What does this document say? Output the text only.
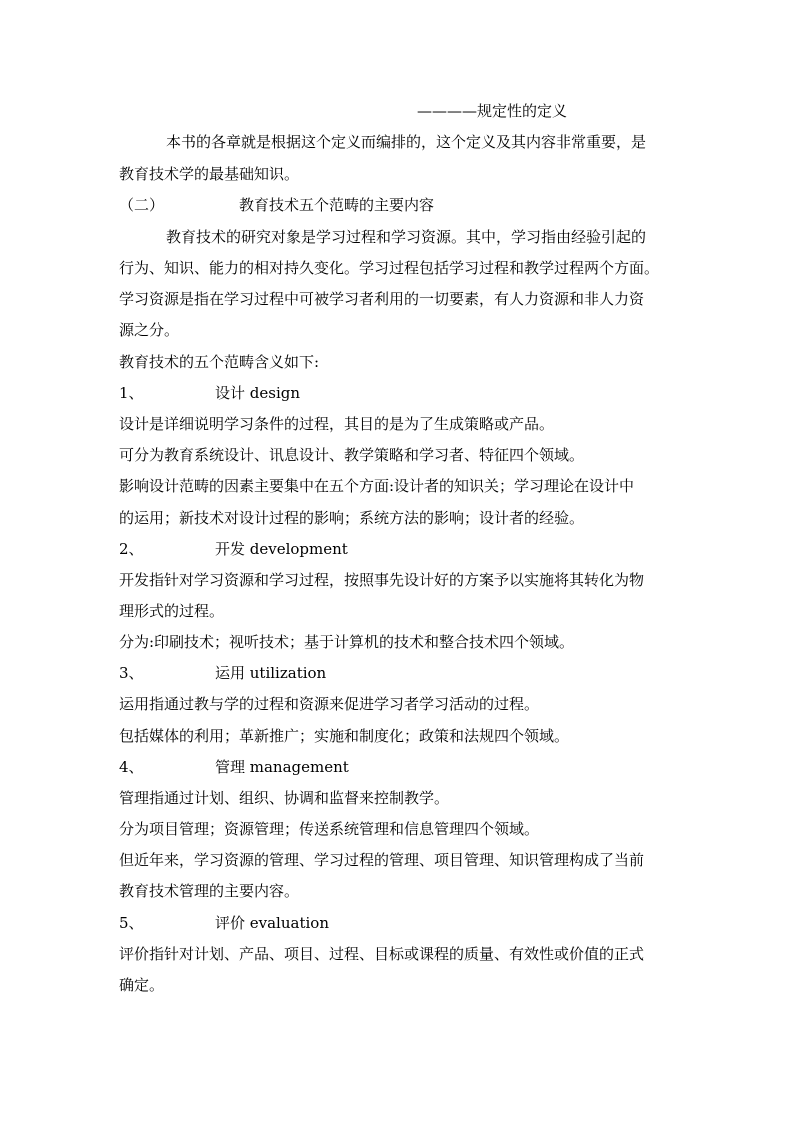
————规定性的定义
本书的各章就是根据这个定义而编排的，这个定义及其内容非常重要，是
教育技术学的最基础知识。
（二）	教育技术五个范畴的主要内容
教育技术的研究对象是学习过程和学习资源。其中，学习指由经验引起的
行为、知识、能力的相对持久变化。学习过程包括学习过程和教学过程两个方面。
学习资源是指在学习过程中可被学习者利用的一切要素，有人力资源和非人力资
源之分。
教育技术的五个范畴含义如下:
1、	设计 design
设计是详细说明学习条件的过程，其目的是为了生成策略或产品。
可分为教育系统设计、讯息设计、教学策略和学习者、特征四个领域。
影响设计范畴的因素主要集中在五个方面:设计者的知识关；学习理论在设计中
的运用；新技术对设计过程的影响；系统方法的影响；设计者的经验。
2、	开发 development
开发指针对学习资源和学习过程，按照事先设计好的方案予以实施将其转化为物
理形式的过程。
分为:印刷技术；视听技术；基于计算机的技术和整合技术四个领域。
3、	运用 utilization
运用指通过教与学的过程和资源来促进学习者学习活动的过程。
包括媒体的利用；革新推广；实施和制度化；政策和法规四个领域。
4、	管理 management
管理指通过计划、组织、协调和监督来控制教学。
分为项目管理；资源管理；传送系统管理和信息管理四个领域。
但近年来，学习资源的管理、学习过程的管理、项目管理、知识管理构成了当前
教育技术管理的主要内容。
5、	评价 evaluation
评价指针对计划、产品、项目、过程、目标或课程的质量、有效性或价值的正式
确定。
